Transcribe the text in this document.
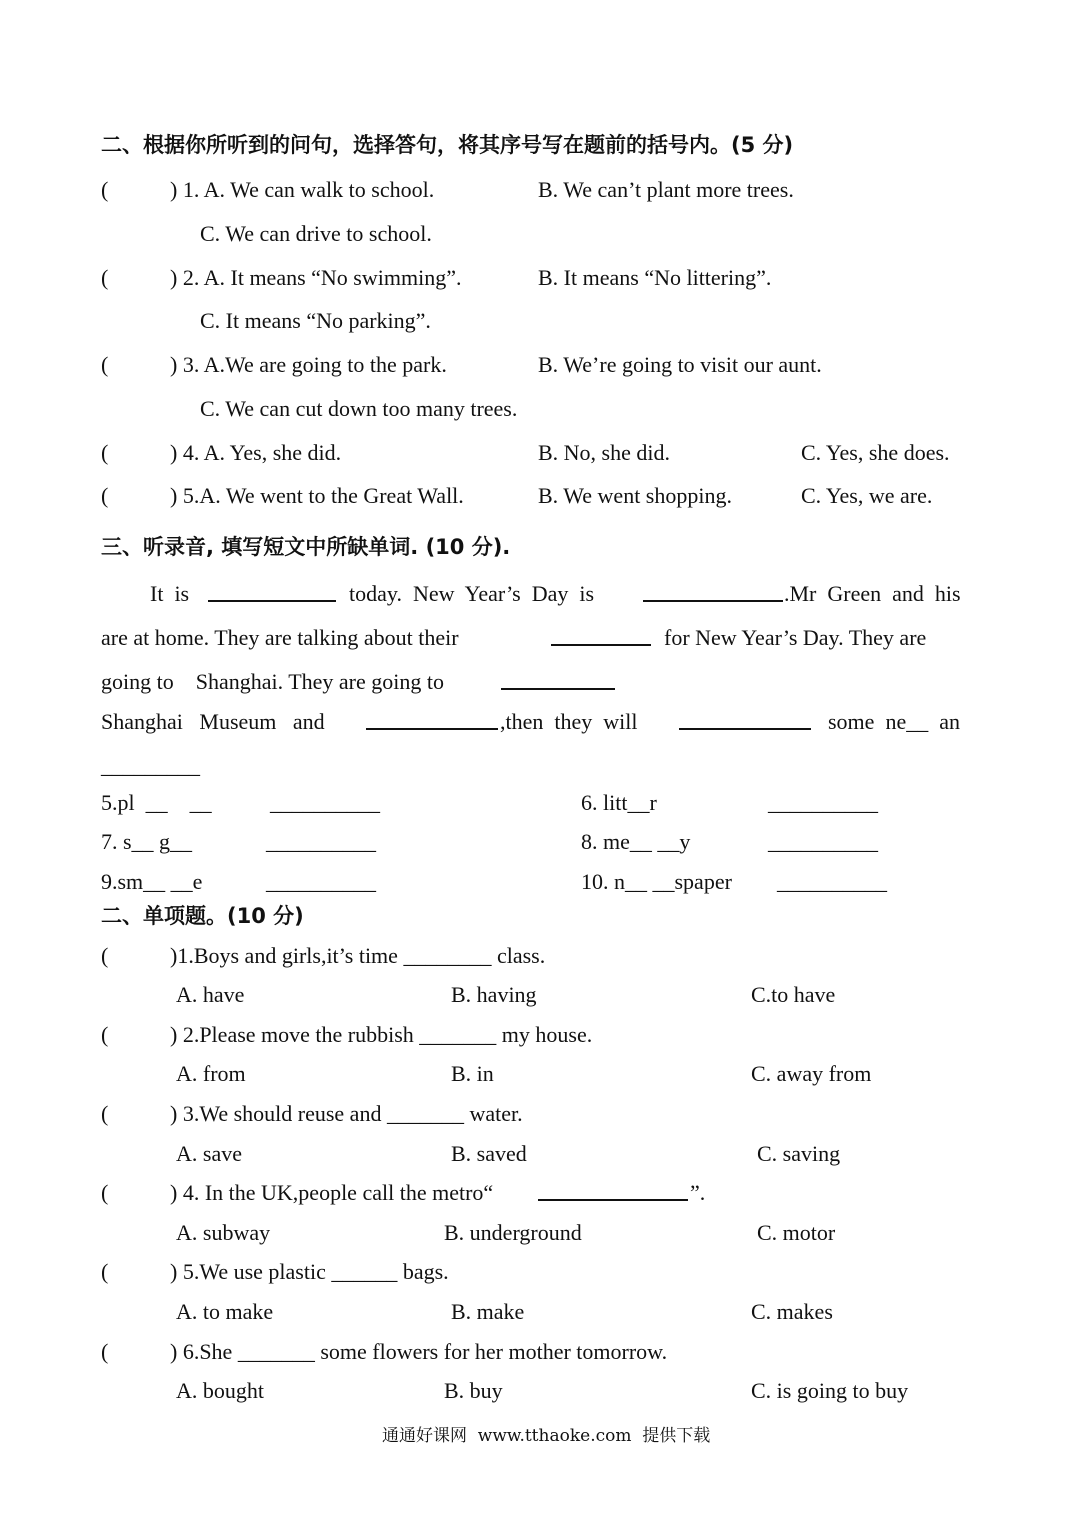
二、根据你所听到的问句，选择答句，将其序号写在题前的括号内。(5 分)
(	) 1. A. We can walk to school.	B. We can’t plant more trees.
C. We can drive to school.
(	) 2. A. It means “No swimming”.	B. It means “No littering”.
C. It means “No parking”.
(	) 3. A.We are going to the park.	B. We’re going to visit our aunt.
C. We can cut down too many trees.
(	) 4. A. Yes, she did.	B. No, she did.	C. Yes, she does.
(	) 5.A. We went to the Great Wall.	B. We went shopping.	C. Yes, we are.
三、听录音, 填写短文中所缺单词. (10 分).
It  is	today.  New  Year’s  Day  is	.Mr  Green  and  his
are at home. They are talking about their	for New Year’s Day. They are
going to    Shanghai. They are going to
Shanghai   Museum   and	,then  they  will	some  ne__  an
_________
5.pl  __    __	__________	6. litt__r	__________
7. s__ g__	__________	8. me__ __y	__________
9.sm__ __e	__________	10. n__ __spaper __________
二、单项题。(10 分)
(	)1.Boys and girls,it’s time ________ class.
A. have	B. having	C.to have
(	) 2.Please move the rubbish _______ my house.
A. from	B. in	C. away from
(	) 3.We should reuse and _______ water.
A. save	B. saved	C. saving
(	) 4. In the UK,people call the metro“	”.
A. subway	B. underground	C. motor
(	) 5.We use plastic ______ bags.
A. to make	B. make	C. makes
(	) 6.She _______ some flowers for her mother tomorrow.
A. bought	B. buy	C. is going to buy
通通好课网  www.tthaoke.com  提供下载
